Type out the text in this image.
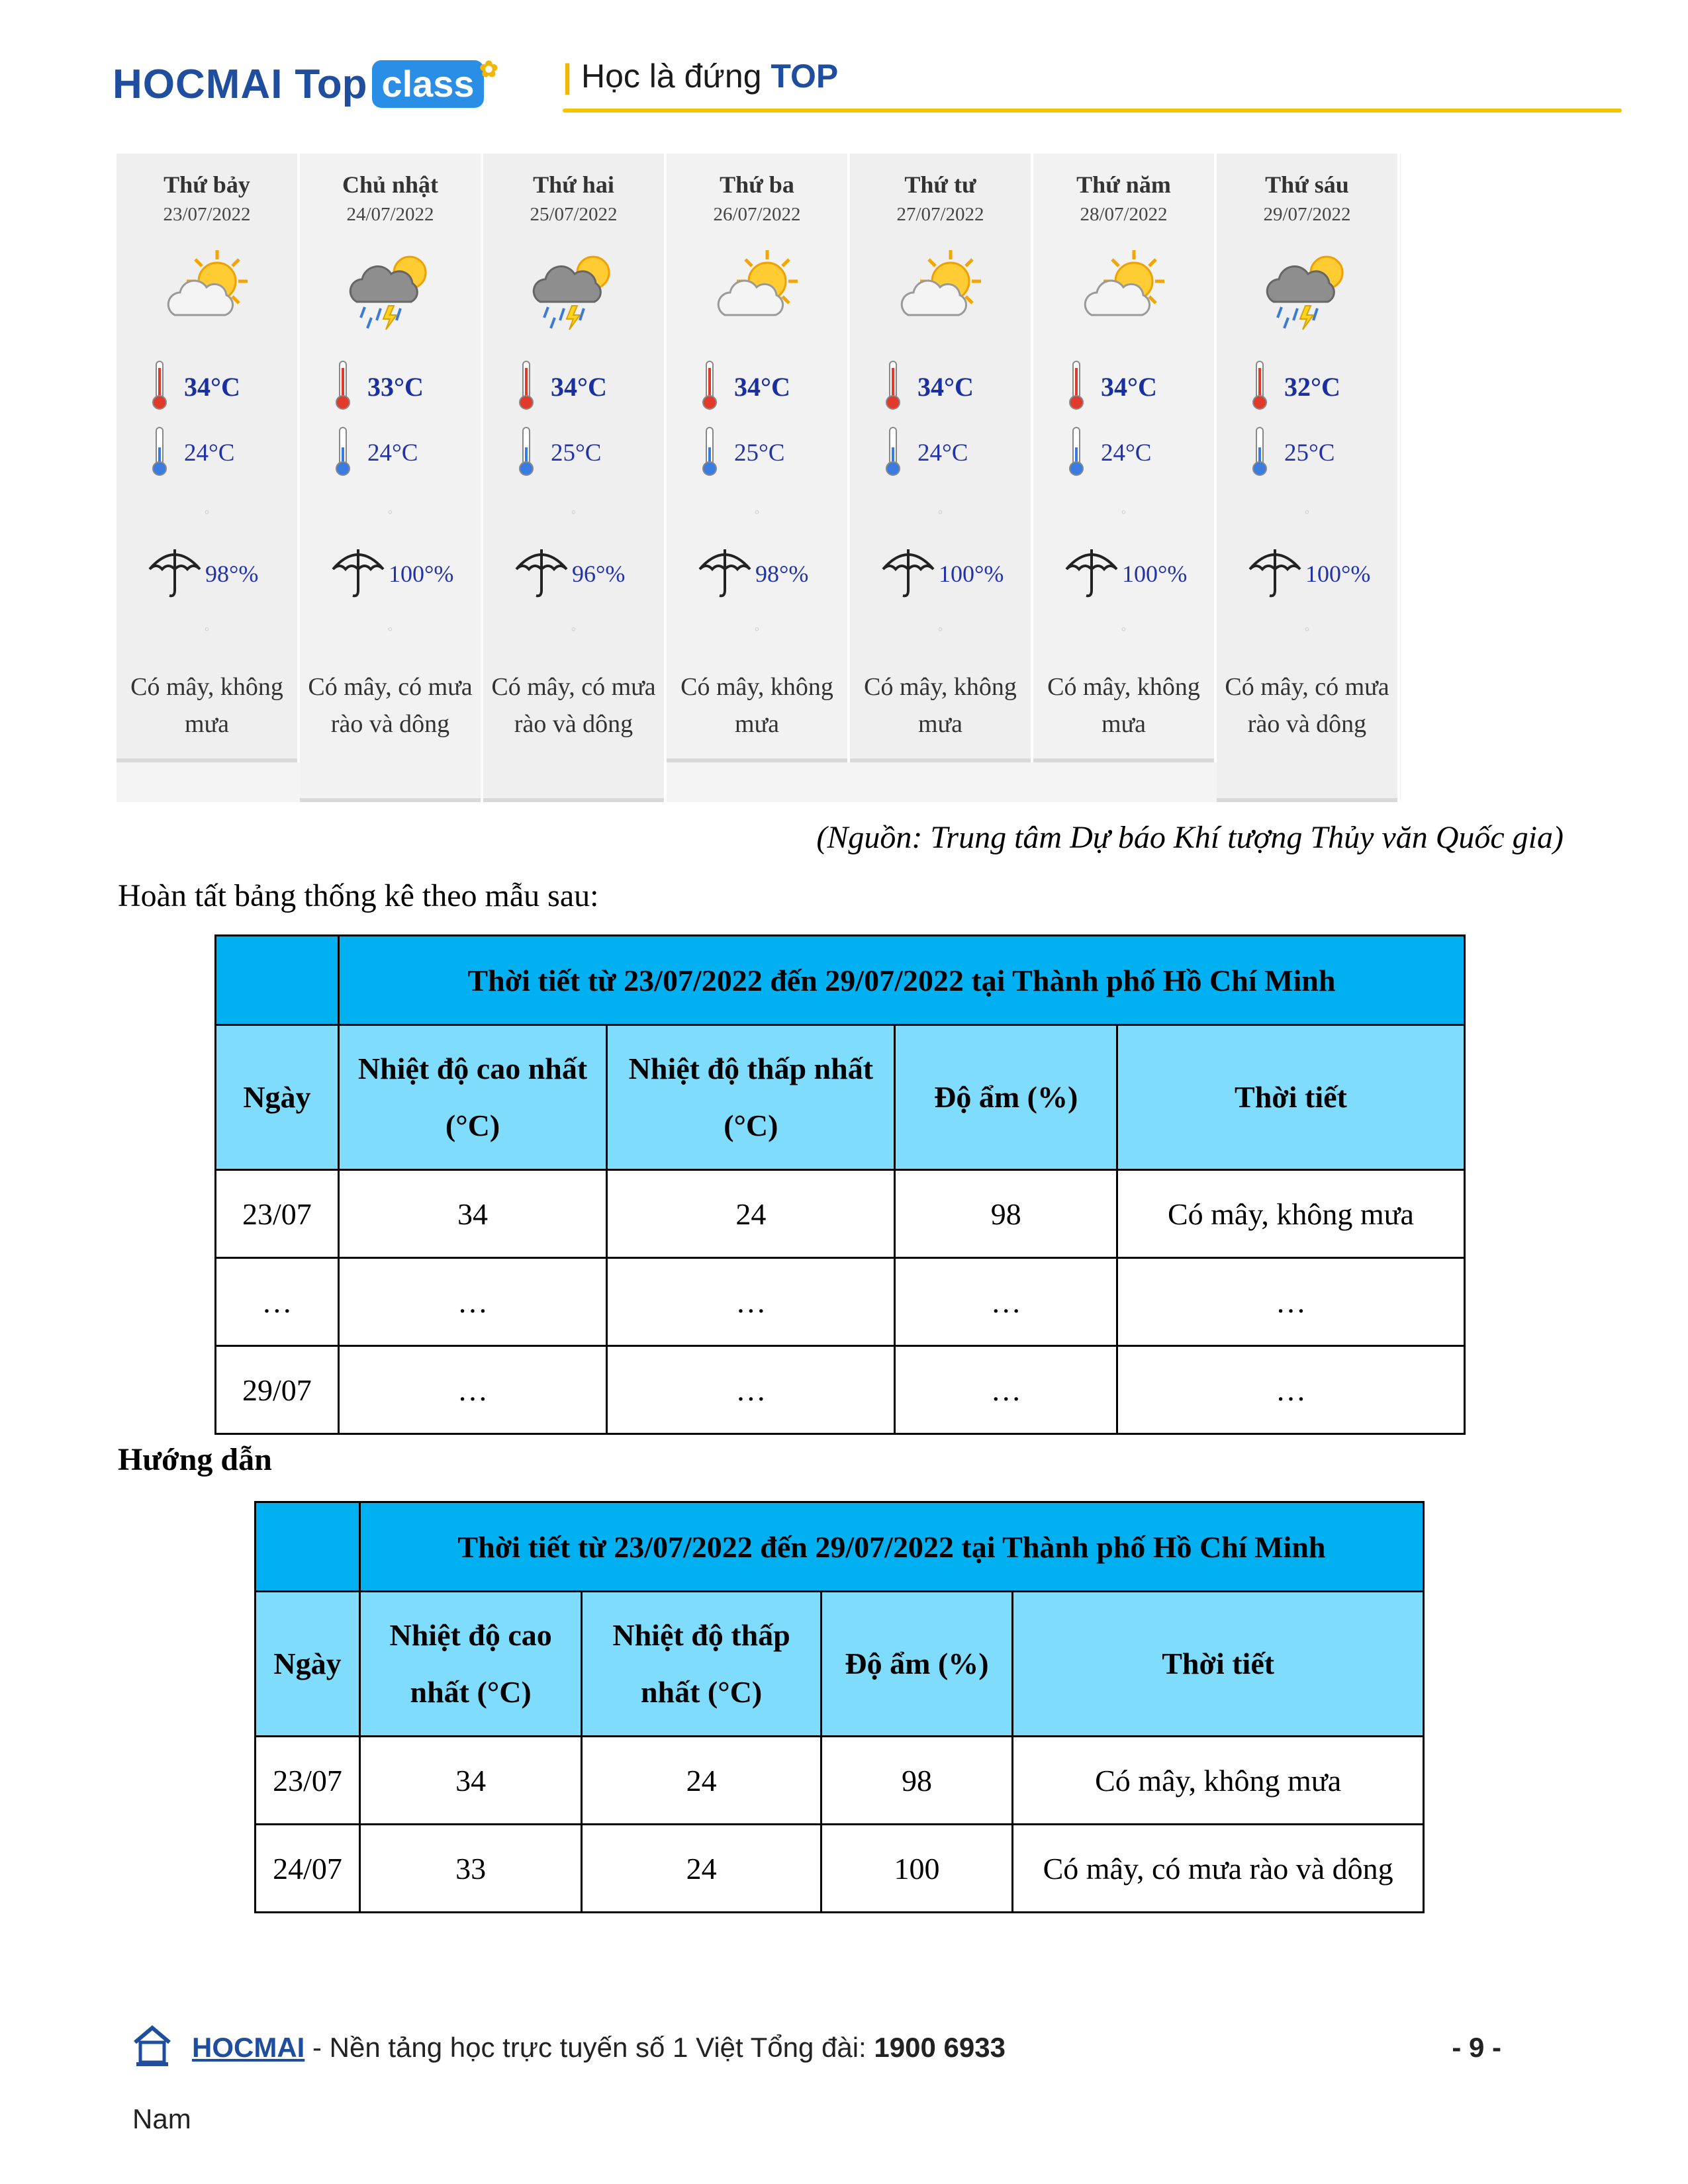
HOCMAI Top class ✿ | Học là đứng TOP
Thứ bảy
23/07/2022
34°C
24°C
°
98°%
°
Có mây, không mưa
Chủ nhật
24/07/2022
33°C
24°C
°
100°%
°
Có mây, có mưa rào và dông
Thứ hai
25/07/2022
34°C
25°C
°
96°%
°
Có mây, có mưa rào và dông
Thứ ba
26/07/2022
34°C
25°C
°
98°%
°
Có mây, không mưa
Thứ tư
27/07/2022
34°C
24°C
°
100°%
°
Có mây, không mưa
Thứ năm
28/07/2022
34°C
24°C
°
100°%
°
Có mây, không mưa
Thứ sáu
29/07/2022
32°C
25°C
°
100°%
°
Có mây, có mưa rào và dông
(Nguồn: Trung tâm Dự báo Khí tượng Thủy văn Quốc gia)
Hoàn tất bảng thống kê theo mẫu sau:
	Thời tiết từ 23/07/2022 đến 29/07/2022 tại Thành phố Hồ Chí Minh			
Ngày	Nhiệt độ cao nhất (°C)	Nhiệt độ thấp nhất (°C)	Độ ẩm (%)	Thời tiết
23/07	34	24	98	Có mây, không mưa
…	…	…	…	…
29/07	…	…	…	…
Hướng dẫn
	Thời tiết từ 23/07/2022 đến 29/07/2022 tại Thành phố Hồ Chí Minh			
Ngày	Nhiệt độ cao nhất (°C)	Nhiệt độ thấp nhất (°C)	Độ ẩm (%)	Thời tiết
23/07	34	24	98	Có mây, không mưa
24/07	33	24	100	Có mây, có mưa rào và dông
HOCMAI - Nền tảng học trực tuyến số 1 Việt Tổng đài: 1900 6933
Nam
- 9 -
